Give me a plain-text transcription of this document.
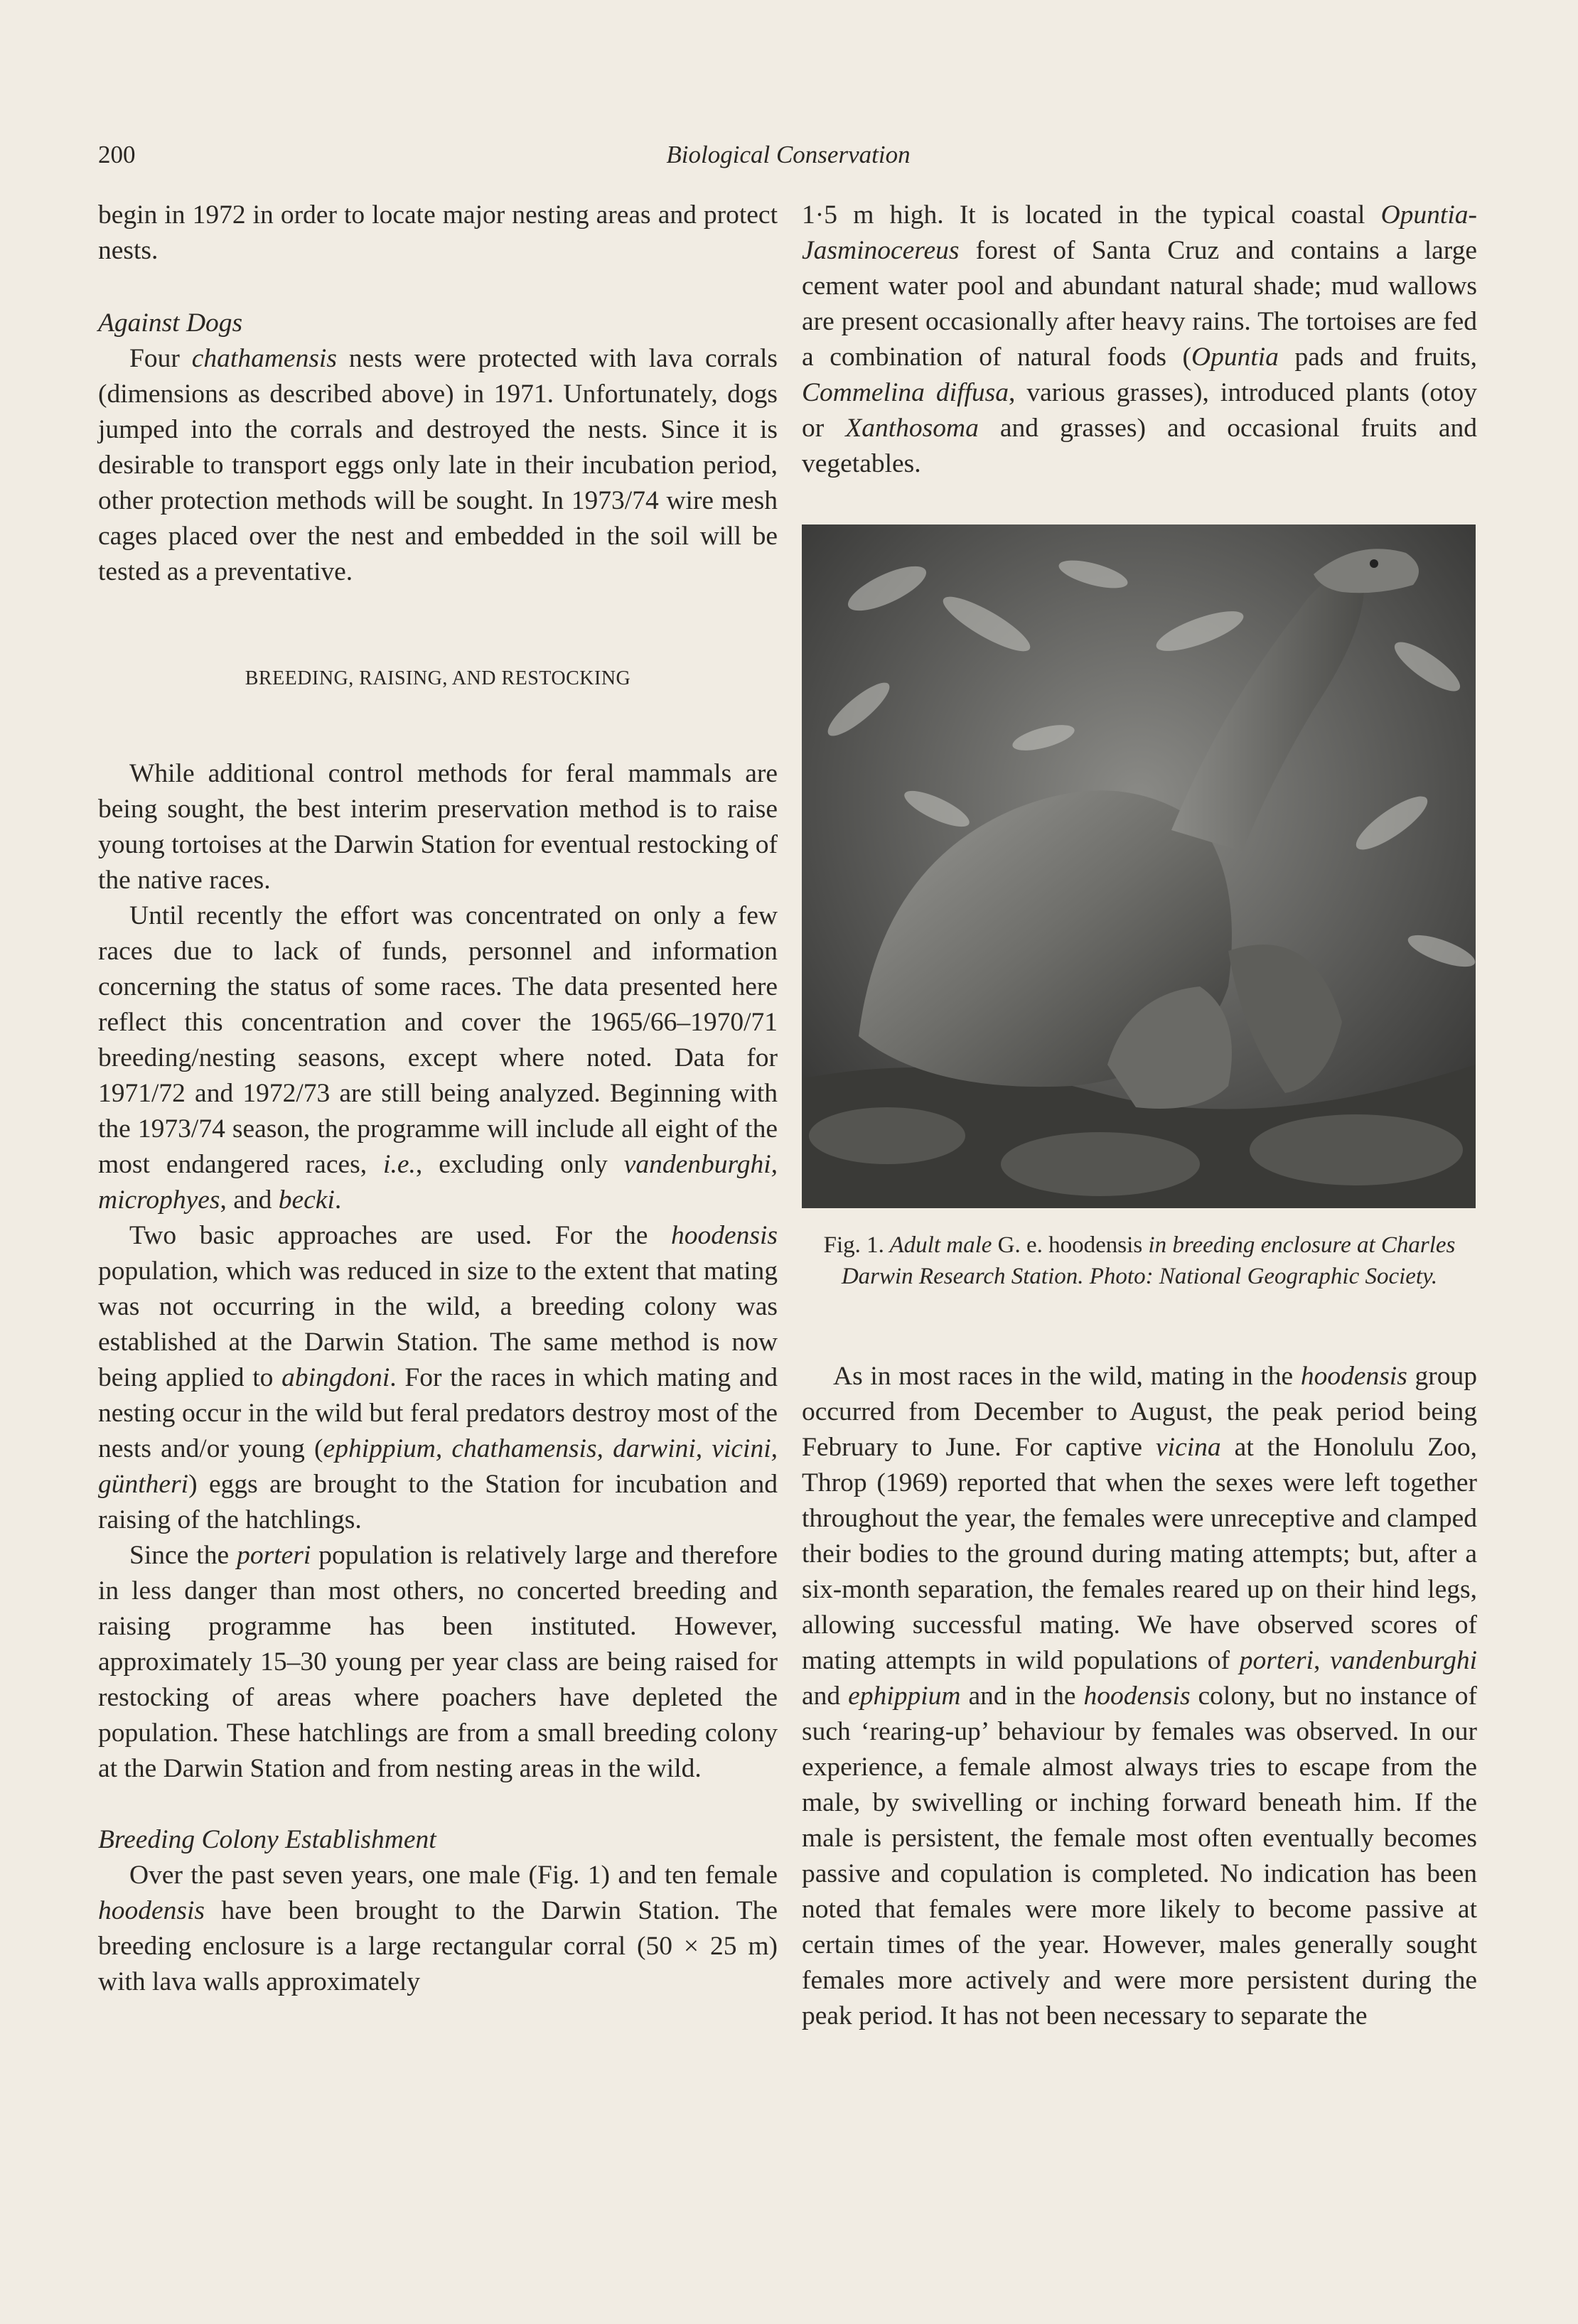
200	Biological Conservation

begin in 1972 in order to locate major nesting areas and protect nests.

Against Dogs

Four chathamensis nests were protected with lava corrals (dimensions as described above) in 1971. Unfortunately, dogs jumped into the corrals and destroyed the nests. Since it is desirable to transport eggs only late in their incubation period, other protection methods will be sought. In 1973/74 wire mesh cages placed over the nest and embedded in the soil will be tested as a preventative.

BREEDING, RAISING, AND RESTOCKING

While additional control methods for feral mammals are being sought, the best interim preservation method is to raise young tortoises at the Darwin Station for eventual restocking of the native races.

Until recently the effort was concentrated on only a few races due to lack of funds, personnel and information concerning the status of some races. The data presented here reflect this concentration and cover the 1965/66–1970/71 breeding/nesting seasons, except where noted. Data for 1971/72 and 1972/73 are still being analyzed. Beginning with the 1973/74 season, the programme will include all eight of the most endangered races, i.e., excluding only vandenburghi, microphyes, and becki.

Two basic approaches are used. For the hoodensis population, which was reduced in size to the extent that mating was not occurring in the wild, a breeding colony was established at the Darwin Station. The same method is now being applied to abingdoni. For the races in which mating and nesting occur in the wild but feral predators destroy most of the nests and/or young (ephippium, chathamensis, darwini, vicini, güntheri) eggs are brought to the Station for incubation and raising of the hatchlings.

Since the porteri population is relatively large and therefore in less danger than most others, no concerted breeding and raising programme has been instituted. However, approximately 15–30 young per year class are being raised for restocking of areas where poachers have depleted the population. These hatchlings are from a small breeding colony at the Darwin Station and from nesting areas in the wild.

Breeding Colony Establishment

Over the past seven years, one male (Fig. 1) and ten female hoodensis have been brought to the Darwin Station. The breeding enclosure is a large rectangular corral (50 × 25 m) with lava walls approximately

1·5 m high. It is located in the typical coastal Opuntia-Jasminocereus forest of Santa Cruz and contains a large cement water pool and abundant natural shade; mud wallows are present occasionally after heavy rains. The tortoises are fed a combination of natural foods (Opuntia pads and fruits, Commelina diffusa, various grasses), introduced plants (otoy or Xanthosoma and grasses) and occasional fruits and vegetables.

Fig. 1. Adult male G. e. hoodensis in breeding enclosure at Charles Darwin Research Station. Photo: National Geographic Society.

As in most races in the wild, mating in the hoodensis group occurred from December to August, the peak period being February to June. For captive vicina at the Honolulu Zoo, Throp (1969) reported that when the sexes were left together throughout the year, the females were unreceptive and clamped their bodies to the ground during mating attempts; but, after a six-month separation, the females reared up on their hind legs, allowing successful mating. We have observed scores of mating attempts in wild populations of porteri, vandenburghi and ephippium and in the hoodensis colony, but no instance of such ‘rearing-up’ behaviour by females was observed. In our experience, a female almost always tries to escape from the male, by swivelling or inching forward beneath him. If the male is persistent, the female most often eventually becomes passive and copulation is completed. No indication has been noted that females were more likely to become passive at certain times of the year. However, males generally sought females more actively and were more persistent during the peak period. It has not been necessary to separate the
